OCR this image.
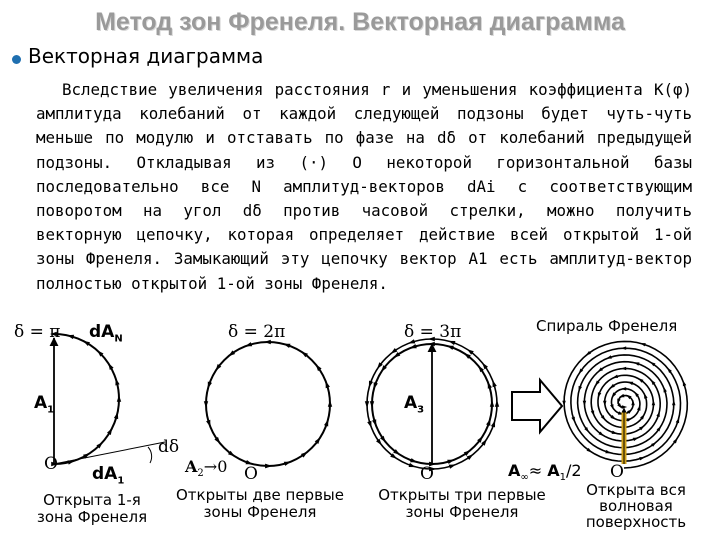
Метод зон Френеля. Векторная диаграмма
Векторная диаграмма

Вследствие увеличения расстояния r и уменьшения коэффициента K(φ) амплитуда колебаний от каждой следующей подзоны будет чуть-чуть меньше по модулю и отставать по фазе на dδ от колебаний предыдущей подзоны. Откладывая из (·) O некоторой горизонтальной базы последовательно все N амплитуд-векторов dAi с соответствующим поворотом на угол dδ против часовой стрелки, можно получить векторную цепочку, которая определяет действие всей открытой 1-ой зоны Френеля. Замыкающий эту цепочку вектор A1 есть амплитуд-вектор полностью открытой 1-ой зоны Френеля.

δ = π $dA_N$
$A_1$
O
dδ
$dA_1$
δ = 2π
$A_2\to 0$ O
δ = 3π
$A_3$
O
Спираль Френеля
$A_\infty\approx A_1/2$ O
Открыта 1-я
зона Френеля
Открыты две первые
зоны Френеля
Открыты три первые
зоны Френеля
Открыта вся
волновая
поверхность
